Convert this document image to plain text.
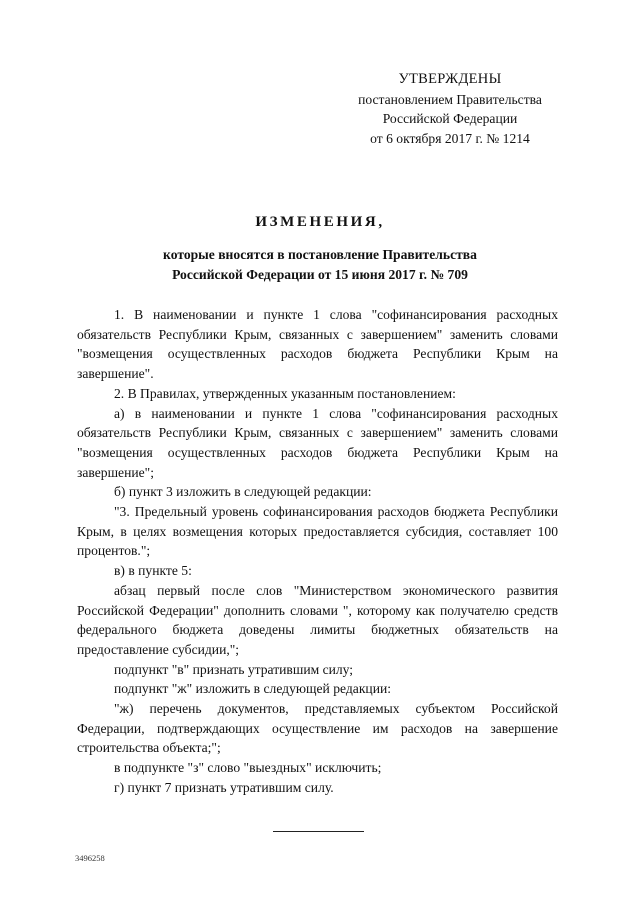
УТВЕРЖДЕНЫ
постановлением Правительства
Российской Федерации
от 6 октября 2017 г. № 1214
ИЗМЕНЕНИЯ,
которые вносятся в постановление Правительства
Российской Федерации от 15 июня 2017 г. № 709

1. В наименовании и пункте 1 слова "софинансирования расходных обязательств Республики Крым, связанных с завершением" заменить словами "возмещения осуществленных расходов бюджета Республики Крым на завершение".

2. В Правилах, утвержденных указанным постановлением:

а) в наименовании и пункте 1 слова "софинансирования расходных обязательств Республики Крым, связанных с завершением" заменить словами "возмещения осуществленных расходов бюджета Республики Крым на завершение";

б) пункт 3 изложить в следующей редакции:

"3. Предельный уровень софинансирования расходов бюджета Республики Крым, в целях возмещения которых предоставляется субсидия, составляет 100 процентов.";

в) в пункте 5:

абзац первый после слов "Министерством экономического развития Российской Федерации" дополнить словами ", которому как получателю средств федерального бюджета доведены лимиты бюджетных обязательств на предоставление субсидии,";

подпункт "в" признать утратившим силу;

подпункт "ж" изложить в следующей редакции:

"ж) перечень документов, представляемых субъектом Российской Федерации, подтверждающих осуществление им расходов на завершение строительства объекта;";

в подпункте "з" слово "выездных" исключить;

г) пункт 7 признать утратившим силу.

3496258
